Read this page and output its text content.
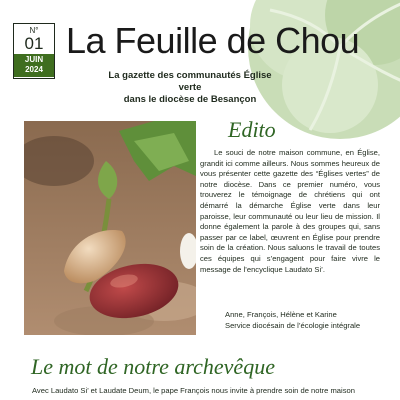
N°
01
JUIN
2024
La Feuille de Chou
La gazette des communautés Église verte
dans le diocèse de Besançon
Edito

Le souci de notre maison commune, en Église, grandit ici comme ailleurs. Nous sommes heureux de vous présenter cette gazette des “Églises vertes” de notre diocèse. Dans ce premier numéro, vous trouverez le témoignage de chrétiens qui ont démarré la démarche Église verte dans leur paroisse, leur communauté ou leur lieu de mission. Il donne également la parole à des groupes qui, sans passer par ce label, œuvrent en Église pour prendre soin de la création. Nous saluons le travail de toutes ces équipes qui s’engagent pour faire vivre le message de l’encyclique Laudato Si’.

Anne, François, Hélène et Karine
Service diocésain de l’écologie intégrale
Le mot de notre archevêque
Avec Laudato Si’ et Laudate Deum, le pape François nous invite à prendre soin de notre maison
